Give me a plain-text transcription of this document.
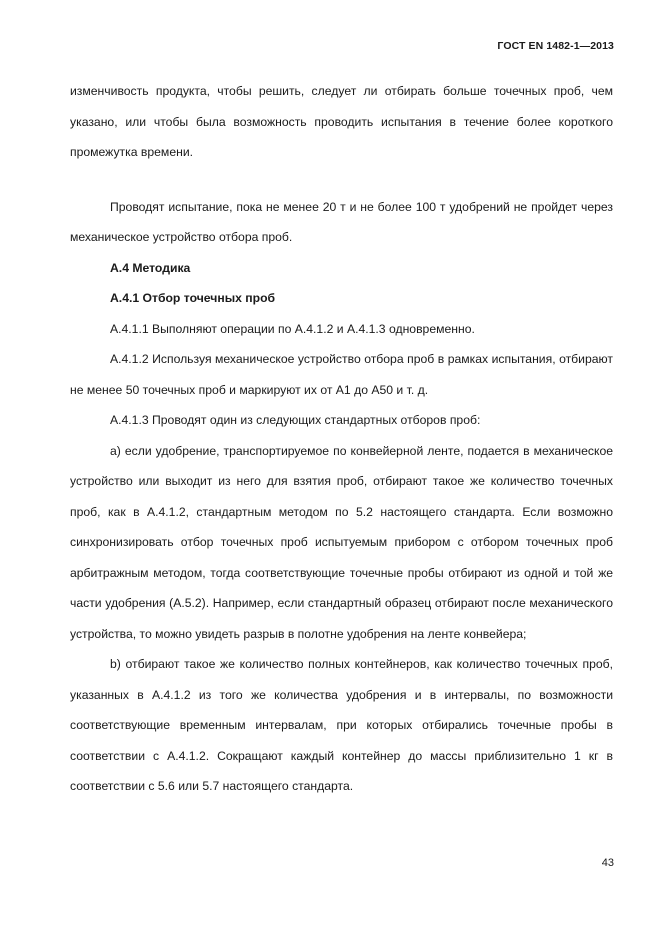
ГОСТ EN 1482-1—2013

изменчивость продукта, чтобы решить, следует ли отбирать больше точечных проб, чем указано, или чтобы была возможность проводить испытания в течение более короткого промежутка времени.

Проводят испытание, пока не менее 20 т и не более 100 т удобрений не пройдет через механическое устройство отбора проб.

А.4 Методика

А.4.1 Отбор точечных проб

А.4.1.1 Выполняют операции по А.4.1.2 и А.4.1.3 одновременно.

А.4.1.2 Используя механическое устройство отбора проб в рамках испытания, отбирают не менее 50 точечных проб и маркируют их от А1 до А50 и т. д.

А.4.1.3 Проводят один из следующих стандартных отборов проб:

а) если удобрение, транспортируемое по конвейерной ленте, подается в механическое устройство или выходит из него для взятия проб, отбирают такое же количество точечных проб, как в А.4.1.2, стандартным методом по 5.2 настоящего стандарта. Если возможно синхронизировать отбор точечных проб испытуемым прибором с отбором точечных проб арбитражным методом, тогда соответствующие точечные пробы отбирают из одной и той же части удобрения (А.5.2). Например, если стандартный образец отбирают после механического устройства, то можно увидеть разрыв в полотне удобрения на ленте конвейера;

b) отбирают такое же количество полных контейнеров, как количество точечных проб, указанных в А.4.1.2 из того же количества удобрения и в интервалы, по возможности соответствующие временным интервалам, при которых отбирались точечные пробы в соответствии с А.4.1.2. Сокращают каждый контейнер до массы приблизительно 1 кг в соответствии с 5.6 или 5.7 настоящего стандарта.

43
